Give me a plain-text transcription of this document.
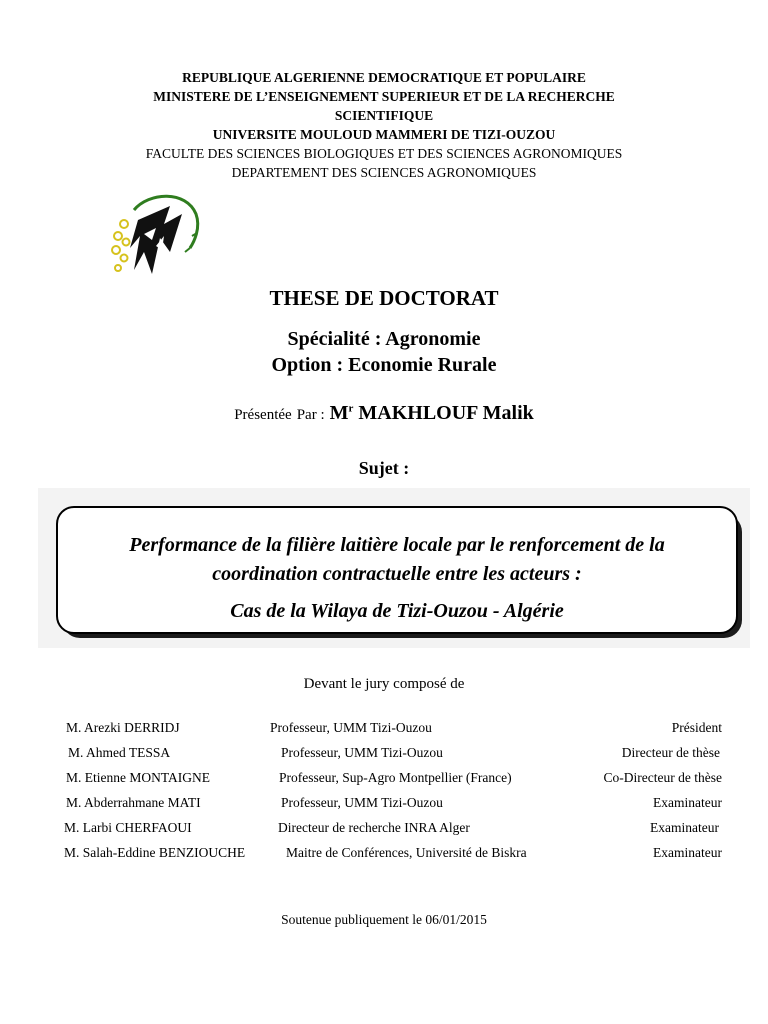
REPUBLIQUE ALGERIENNE DEMOCRATIQUE ET POPULAIRE
MINISTERE DE L’ENSEIGNEMENT SUPERIEUR ET DE LA RECHERCHE
SCIENTIFIQUE
UNIVERSITE MOULOUD MAMMERI DE TIZI-OUZOU
FACULTE DES SCIENCES BIOLOGIQUES ET DES SCIENCES AGRONOMIQUES
DEPARTEMENT DES SCIENCES AGRONOMIQUES
THESE DE DOCTORAT
Spécialité : Agronomie
Option : Economie Rurale
Présentée Par : $M^r$ MAKHLOUF Malik
Sujet :
Performance de la filière laitière locale par le renforcement de la
coordination contractuelle entre les acteurs :
Cas de la Wilaya de Tizi-Ouzou - Algérie
Devant le jury composé de
M. Arezki DERRIDJ	Professeur, UMM Tizi-Ouzou	Président
M. Ahmed TESSA	Professeur, UMM Tizi-Ouzou	Directeur de thèse
M. Etienne MONTAIGNE	Professeur, Sup-Agro Montpellier (France)	Co-Directeur de thèse
M. Abderrahmane MATI	Professeur, UMM Tizi-Ouzou	Examinateur
M. Larbi CHERFAOUI	Directeur de recherche INRA Alger	Examinateur
M. Salah-Eddine BENZIOUCHE	Maitre de Conférences, Université de Biskra	Examinateur
Soutenue publiquement le 06/01/2015
